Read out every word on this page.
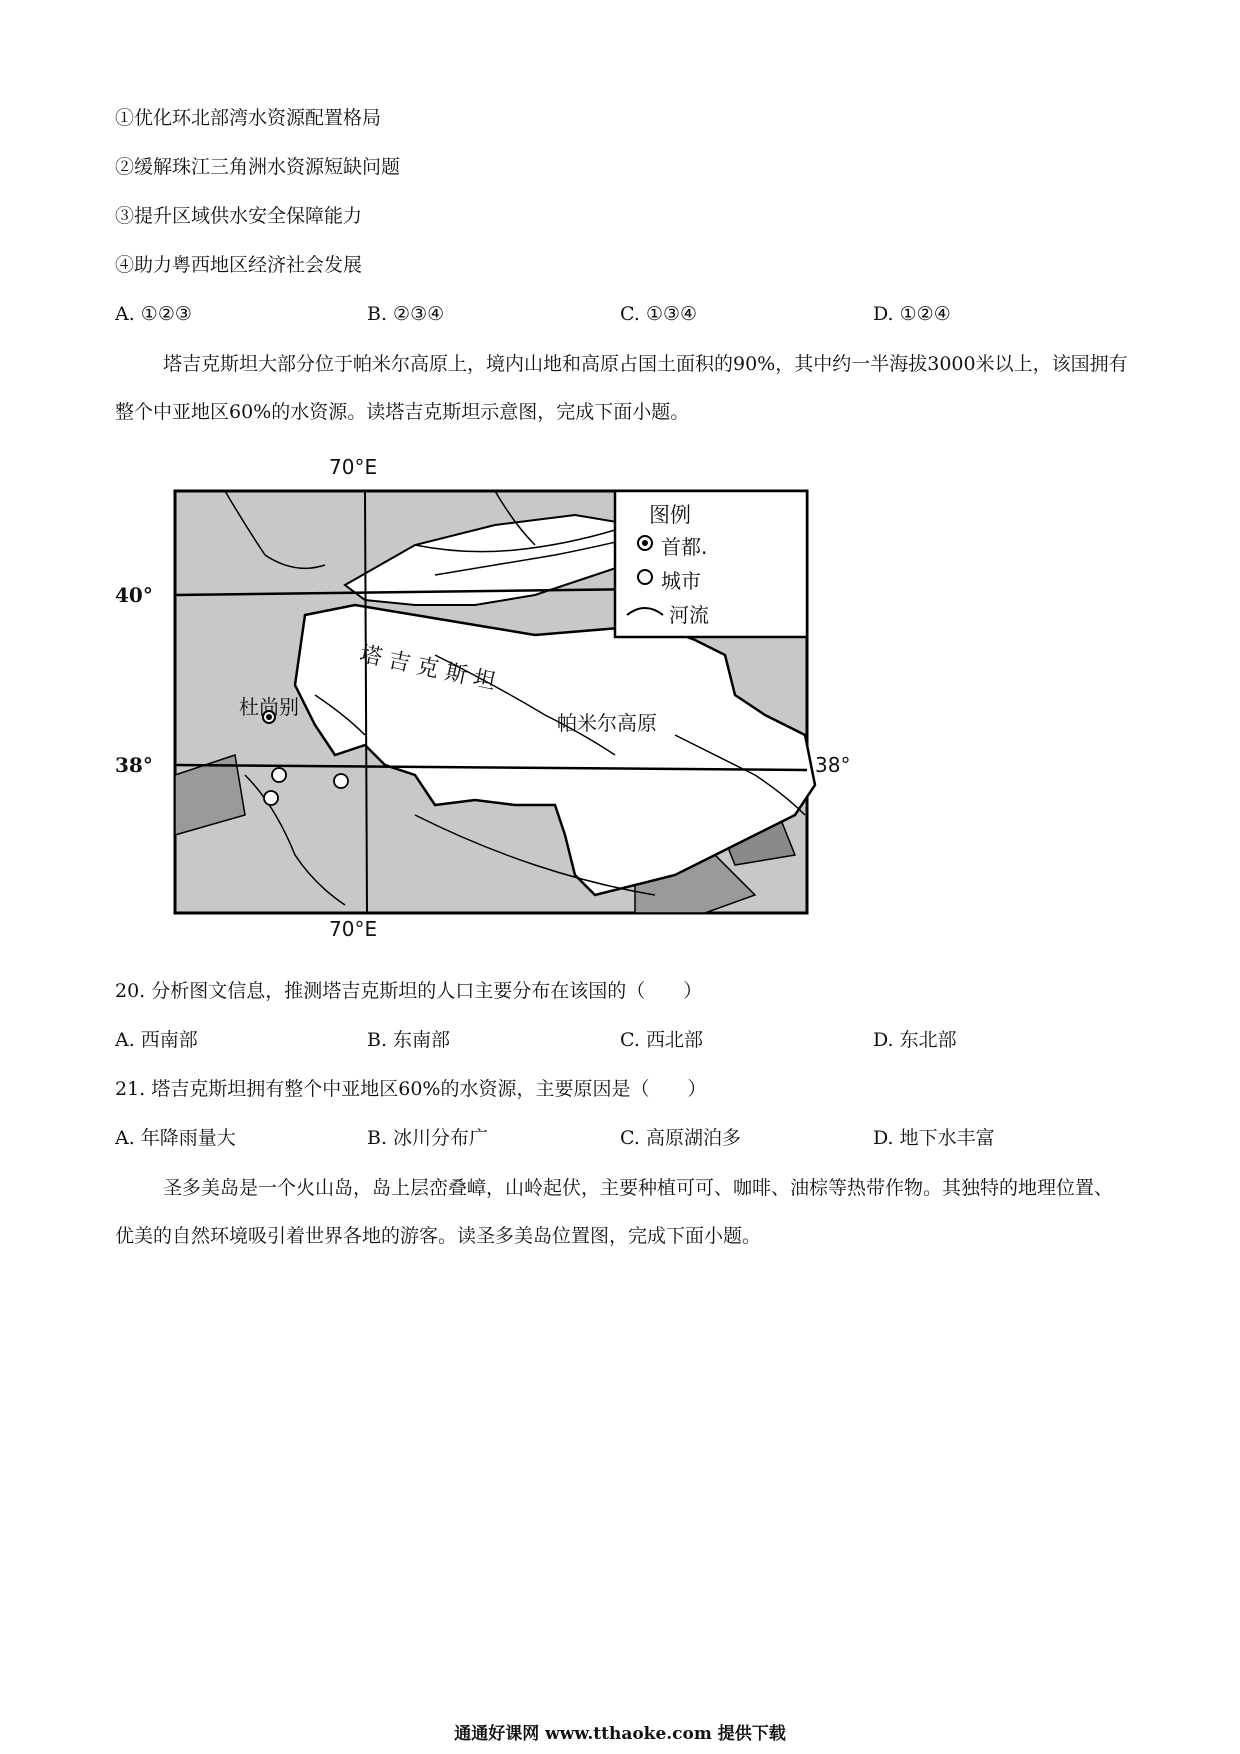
①优化环北部湾水资源配置格局
②缓解珠江三角洲水资源短缺问题
③提升区域供水安全保障能力
④助力粤西地区经济社会发展
A. ①②③	B. ②③④	C. ①③④	D. ①②④
塔吉克斯坦大部分位于帕米尔高原上，境内山地和高原占国土面积的90%，其中约一半海拔3000米以上，该国拥有整个中亚地区60%的水资源。读塔吉克斯坦示意图，完成下面小题。
70°E
70°E
40°
38°	38°
塔 吉 克 斯 坦
杜尚别
帕米尔高原
图例
首都.
城市
河流
20. 分析图文信息，推测塔吉克斯坦的人口主要分布在该国的（　　）
A. 西南部	B. 东南部	C. 西北部	D. 东北部
21. 塔吉克斯坦拥有整个中亚地区60%的水资源，主要原因是（　　）
A. 年降雨量大	B. 冰川分布广	C. 高原湖泊多	D. 地下水丰富
圣多美岛是一个火山岛，岛上层峦叠嶂，山岭起伏，主要种植可可、咖啡、油棕等热带作物。其独特的地理位置、优美的自然环境吸引着世界各地的游客。读圣多美岛位置图，完成下面小题。
通通好课网 www.tthaoke.com 提供下载
